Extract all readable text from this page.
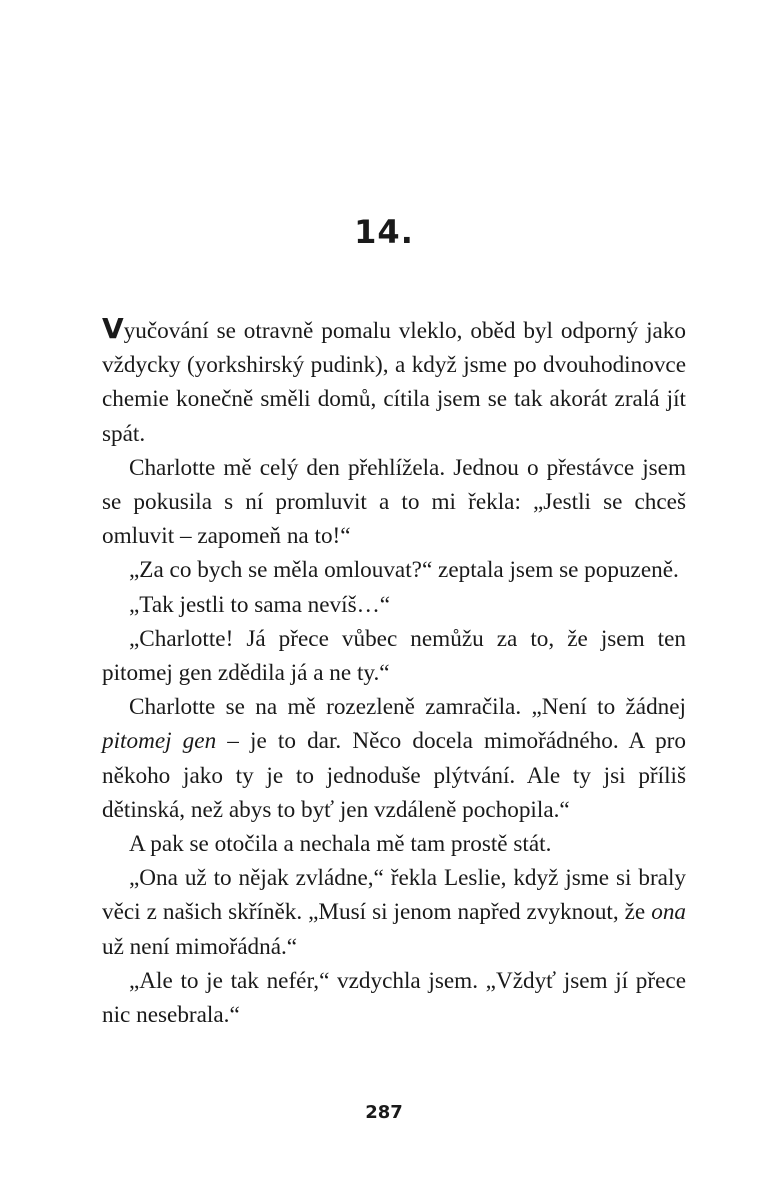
14.

Vyučování se otravně pomalu vleklo, oběd byl odporný jako vždycky (yorkshirský pudink), a když jsme po dvouhodinovce chemie konečně směli domů, cítila jsem se tak akorát zralá jít spát.

Charlotte mě celý den přehlížela. Jednou o přestávce jsem se pokusila s ní promluvit a to mi řekla: „Jestli se chceš omluvit – zapomeň na to!“

„Za co bych se měla omlouvat?“ zeptala jsem se popuzeně.

„Tak jestli to sama nevíš…“

„Charlotte! Já přece vůbec nemůžu za to, že jsem ten pitomej gen zdědila já a ne ty.“

Charlotte se na mě rozezleně zamračila. „Není to žádnej pitomej gen – je to dar. Něco docela mimořádného. A pro někoho jako ty je to jednoduše plýtvání. Ale ty jsi příliš dětinská, než abys to byť jen vzdáleně pochopila.“

A pak se otočila a nechala mě tam prostě stát.

„Ona už to nějak zvládne,“ řekla Leslie, když jsme si braly věci z našich skříněk. „Musí si jenom napřed zvyknout, že ona už není mimořádná.“

„Ale to je tak nefér,“ vzdychla jsem. „Vždyť jsem jí přece nic nesebrala.“

287
